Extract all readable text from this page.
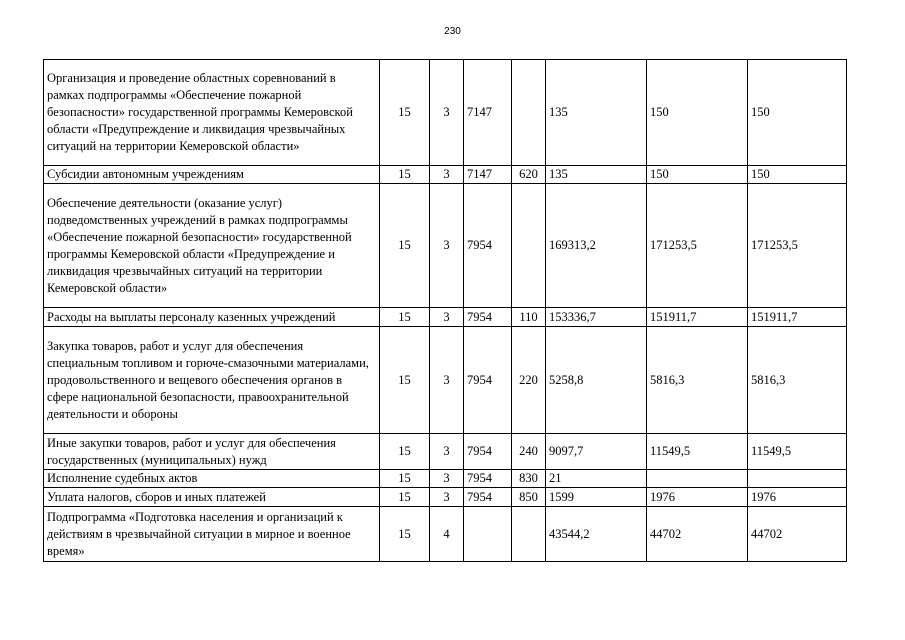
230
Организация и проведение областных соревнований в рамках подпрограммы «Обеспечение пожарной безопасности» государственной программы Кемеровской области «Предупреждение и ликвидация чрезвычайных ситуаций на территории Кемеровской области»	15	3	7147		135	150	150
Субсидии автономным учреждениям	15	3	7147	620	135	150	150
Обеспечение деятельности (оказание услуг) подведомственных учреждений в рамках подпрограммы «Обеспечение пожарной безопасности» государственной программы Кемеровской области «Предупреждение и ликвидация чрезвычайных ситуаций на территории Кемеровской области»	15	3	7954		169313,2	171253,5	171253,5
Расходы на выплаты персоналу казенных учреждений	15	3	7954	110	153336,7	151911,7	151911,7
Закупка товаров, работ и услуг для обеспечения специальным топливом и горюче-смазочными материалами, продовольственного и вещевого обеспечения органов в сфере национальной безопасности, правоохранительной деятельности и обороны	15	3	7954	220	5258,8	5816,3	5816,3
Иные закупки товаров, работ и услуг для обеспечения государственных (муниципальных) нужд	15	3	7954	240	9097,7	11549,5	11549,5
Исполнение судебных актов	15	3	7954	830	21		
Уплата налогов, сборов и иных платежей	15	3	7954	850	1599	1976	1976
Подпрограмма «Подготовка населения и организаций к действиям в чрезвычайной ситуации в мирное и военное время»	15	4			43544,2	44702	44702
